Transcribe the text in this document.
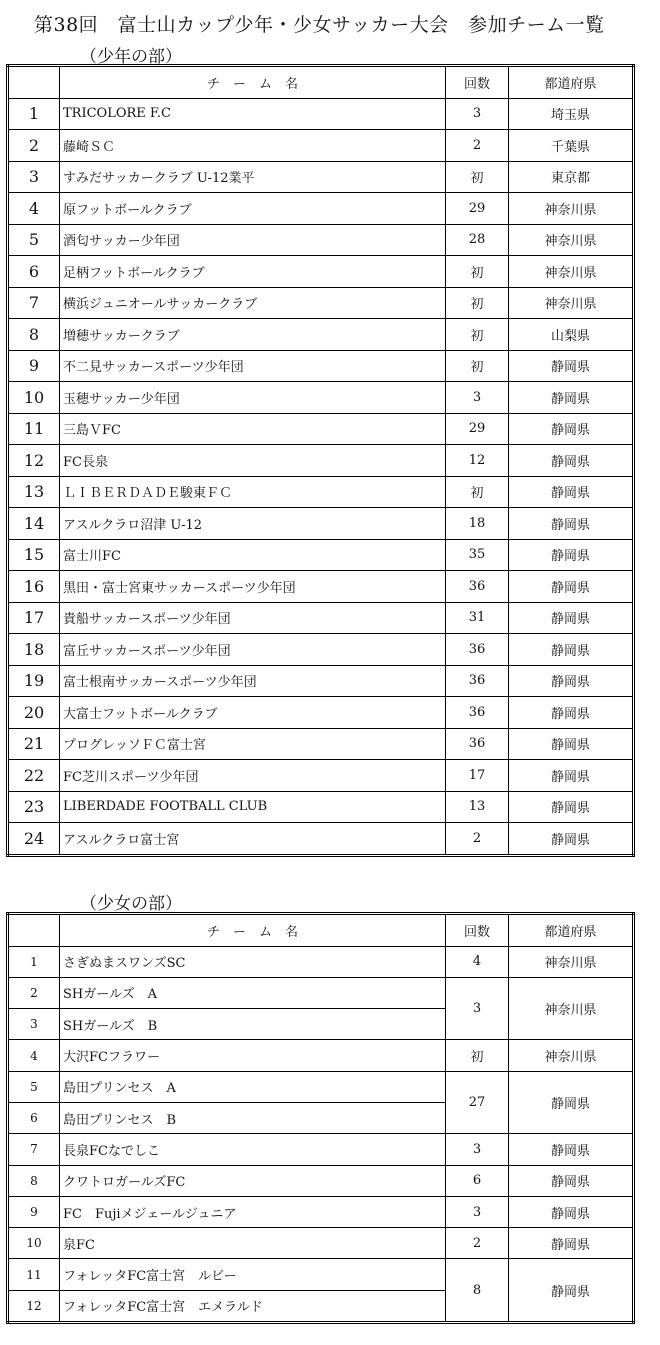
第38回　富士山カップ少年・少女サッカー大会　参加チーム一覧
（少年の部）
	チ　ー　ム　名	回数	都道府県
1	TRICOLORE F.C	3	埼玉県
2	藤崎ＳＣ	2	千葉県
3	すみだサッカークラブ U-12業平	初	東京都
4	原フットボールクラブ	29	神奈川県
5	酒匂サッカー少年団	28	神奈川県
6	足柄フットボールクラブ	初	神奈川県
7	横浜ジュニオールサッカークラブ	初	神奈川県
8	増穂サッカークラブ	初	山梨県
9	不二見サッカースポーツ少年団	初	静岡県
10	玉穂サッカー少年団	3	静岡県
11	三島ＶFC	29	静岡県
12	FC長泉	12	静岡県
13	ＬＩＢＥＲＤＡＤＥ駿東ＦＣ	初	静岡県
14	アスルクラロ沼津 U-12	18	静岡県
15	富士川FC	35	静岡県
16	黒田・富士宮東サッカースポーツ少年団	36	静岡県
17	貴船サッカースポーツ少年団	31	静岡県
18	富丘サッカースポーツ少年団	36	静岡県
19	富士根南サッカースポーツ少年団	36	静岡県
20	大富士フットボールクラブ	36	静岡県
21	プログレッソＦＣ富士宮	36	静岡県
22	FC芝川スポーツ少年団	17	静岡県
23	LIBERDADE FOOTBALL CLUB	13	静岡県
24	アスルクラロ富士宮	2	静岡県
（少女の部）
	チ　ー　ム　名	回数	都道府県
1	さぎぬまスワンズSC	4	神奈川県
2	SHガールズ　A	3	神奈川県
3	SHガールズ　B		
4	大沢FCフラワー	初	神奈川県
5	島田プリンセス　A	27	静岡県
6	島田プリンセス　B		
7	長泉FCなでしこ	3	静岡県
8	クワトロガールズFC	6	静岡県
9	FC　Fujiメジェールジュニア	3	静岡県
10	泉FC	2	静岡県
11	フォレッタFC富士宮　ルビー	8	静岡県
12	フォレッタFC富士宮　エメラルド		
